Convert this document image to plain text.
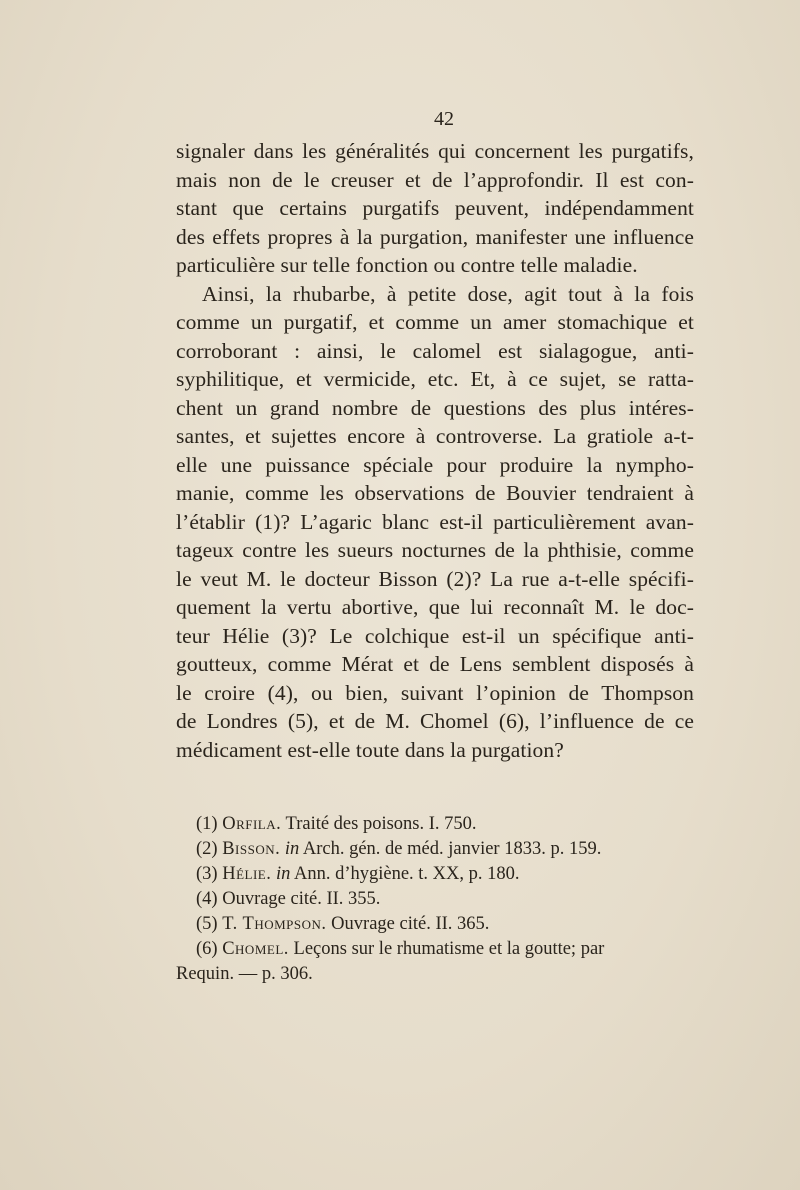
42
signaler dans les généralités qui concernent les purgatifs,
mais non de le creuser et de l’approfondir. Il est con-
stant que certains purgatifs peuvent, indépendamment
des effets propres à la purgation, manifester une influence
particulière sur telle fonction ou contre telle maladie.
Ainsi, la rhubarbe, à petite dose, agit tout à la fois
comme un purgatif, et comme un amer stomachique et
corroborant : ainsi, le calomel est sialagogue, anti-
syphilitique, et vermicide, etc. Et, à ce sujet, se ratta-
chent un grand nombre de questions des plus intéres-
santes, et sujettes encore à controverse. La gratiole a-t-
elle une puissance spéciale pour produire la nympho-
manie, comme les observations de Bouvier tendraient à
l’établir (1)? L’agaric blanc est-il particulièrement avan-
tageux contre les sueurs nocturnes de la phthisie, comme
le veut M. le docteur Bisson (2)? La rue a-t-elle spécifi-
quement la vertu abortive, que lui reconnaît M. le doc-
teur Hélie (3)? Le colchique est-il un spécifique anti-
goutteux, comme Mérat et de Lens semblent disposés à
le croire (4), ou bien, suivant l’opinion de Thompson
de Londres (5), et de M. Chomel (6), l’influence de ce
médicament est-elle toute dans la purgation?
(1) Orfila. Traité des poisons. I. 750.
(2) Bisson. in Arch. gén. de méd. janvier 1833. p. 159.
(3) Hélie. in Ann. d’hygiène. t. XX, p. 180.
(4) Ouvrage cité. II. 355.
(5) T. Thompson. Ouvrage cité. II. 365.
(6) Chomel. Leçons sur le rhumatisme et la goutte; par
Requin. — p. 306.
